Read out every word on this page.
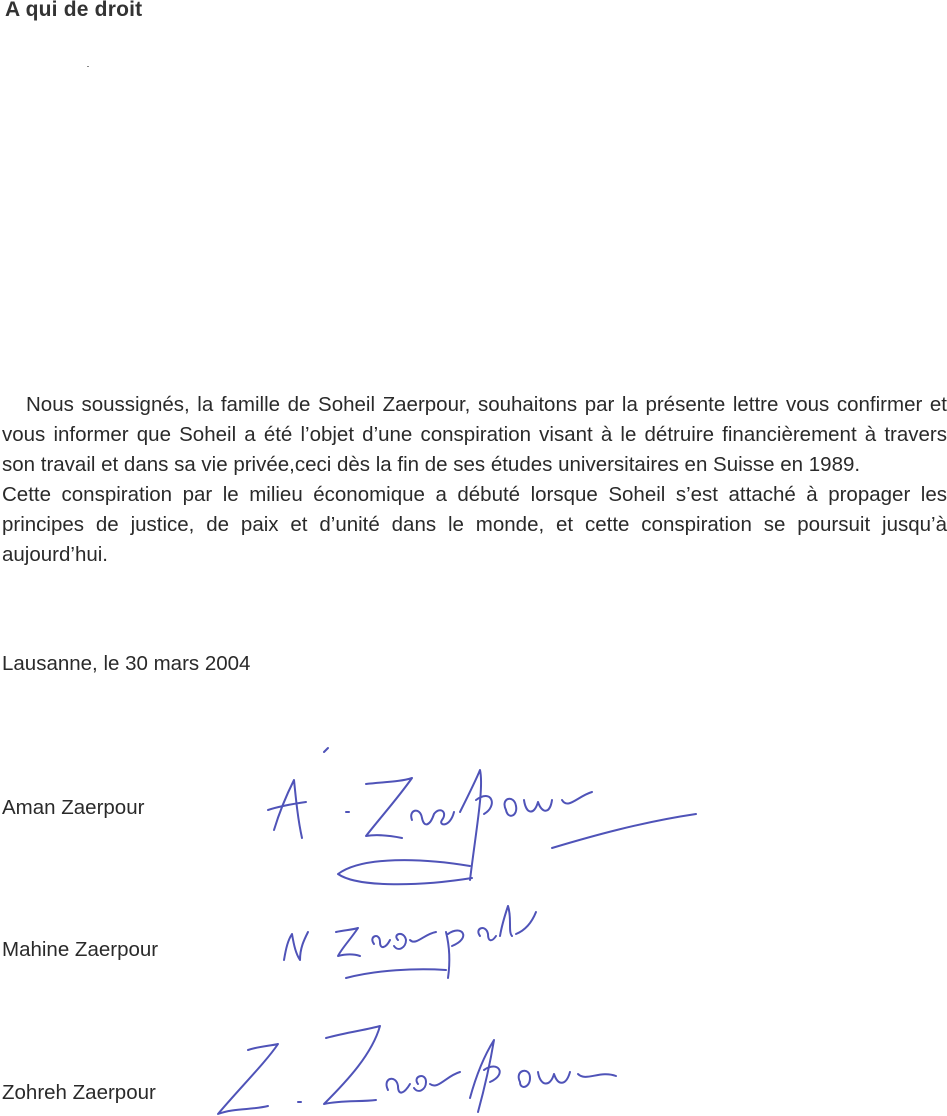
A qui de droit

Nous soussignés, la famille de Soheil Zaerpour, souhaitons par la présente lettre vous confirmer et vous informer que Soheil a été l’objet d’une conspiration visant à le détruire financièrement à travers son travail et dans sa vie privée,ceci dès la fin de ses études universitaires en Suisse en 1989.

Cette conspiration par le milieu économique a débuté lorsque Soheil s’est attaché à propager les principes de justice, de paix et d’unité dans le monde, et cette conspiration se poursuit jusqu’à aujourd’hui.

Lausanne, le 30 mars 2004
Aman Zaerpour
Mahine Zaerpour
Zohreh Zaerpour
